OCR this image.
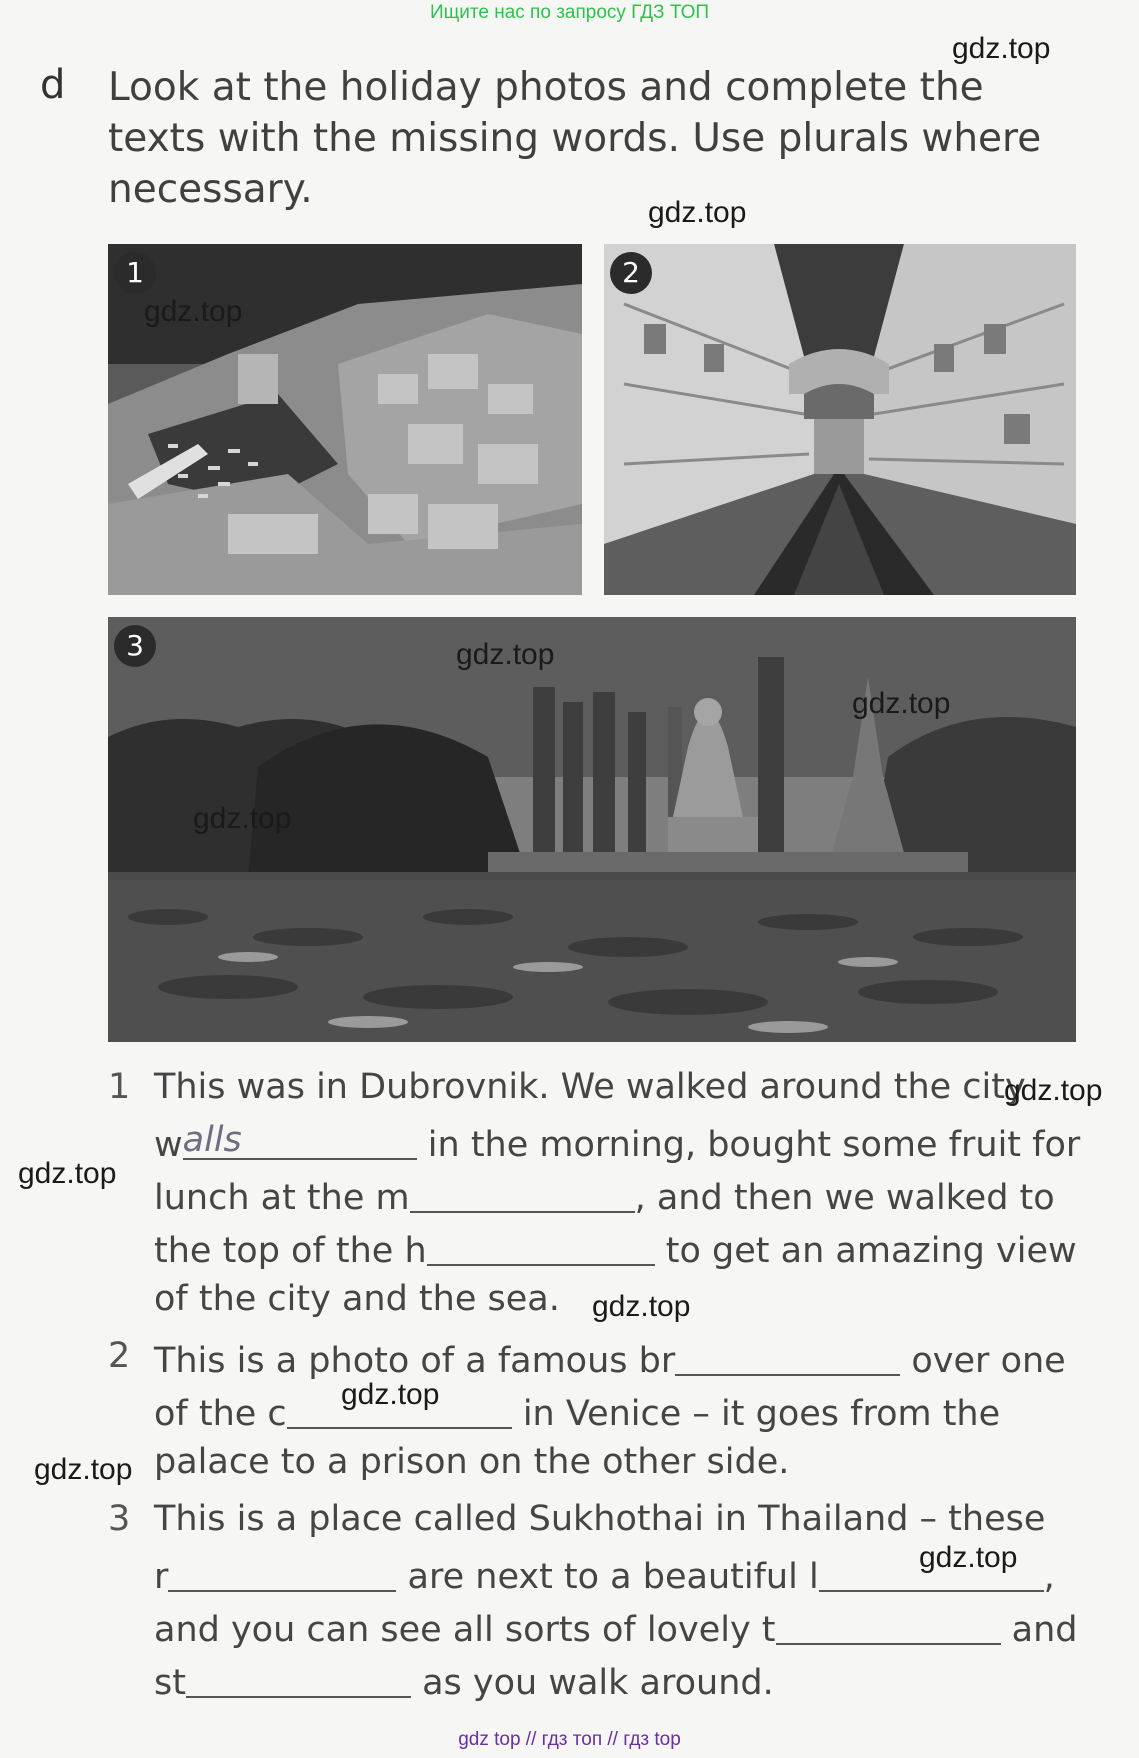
Ищите нас по запросу ГДЗ ТОП
d Look at the holiday photos and complete the texts with the missing words. Use plurals where necessary.
1	2
3
1 This was in Dubrovnik. We walked around the city
w alls	in the morning, bought some fruit for
lunch at the m	, and then we walked to
the top of the h	to get an amazing view
of the city and the sea.
2 This is a photo of a famous br	over one
of the c	in Venice – it goes from the
palace to a prison on the other side.
3 This is a place called Sukhothai in Thailand – these
r	are next to a beautiful l	,
and you can see all sorts of lovely t	and
st	as you walk around.
gdz.top
gdz.top
gdz.top
gdz.top
gdz.top
gdz.top
gdz.top
gdz.top
gdz.top
gdz.top
gdz.top
gdz.top
gdz top // гдз топ // гдз top
